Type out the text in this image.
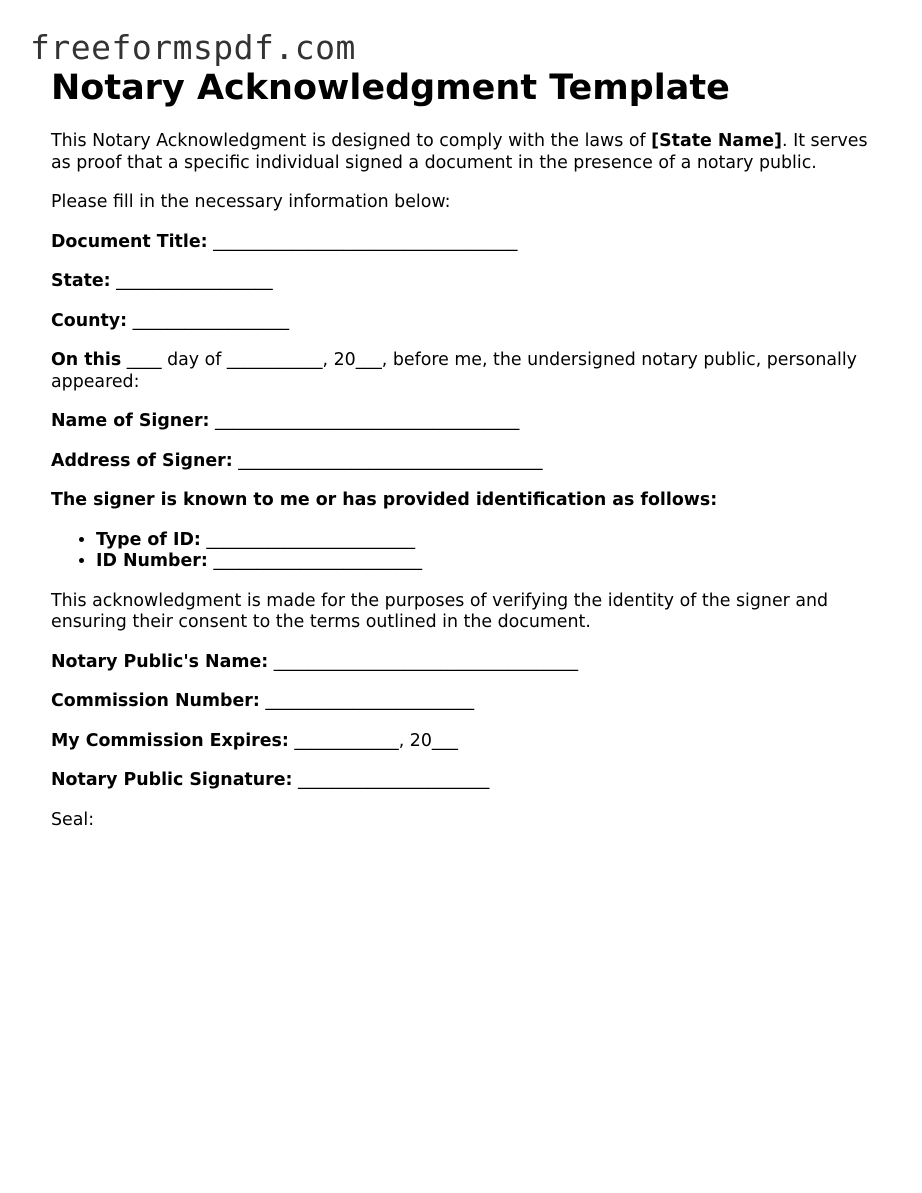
freeformspdf.com
Notary Acknowledgment Template

This Notary Acknowledgment is designed to comply with the laws of [State Name]. It serves as proof that a specific individual signed a document in the presence of a notary public.

Please fill in the necessary information below:

Document Title: ___________________________________

State: __________________

County: __________________

On this ____ day of ___________, 20___, before me, the undersigned notary public, personally appeared:

Name of Signer: ___________________________________

Address of Signer: ___________________________________

The signer is known to me or has provided identification as follows:

• Type of ID: ________________________
• ID Number: ________________________

This acknowledgment is made for the purposes of verifying the identity of the signer and ensuring their consent to the terms outlined in the document.

Notary Public's Name: ___________________________________

Commission Number: ________________________

My Commission Expires: ____________, 20___

Notary Public Signature: ______________________

Seal:
